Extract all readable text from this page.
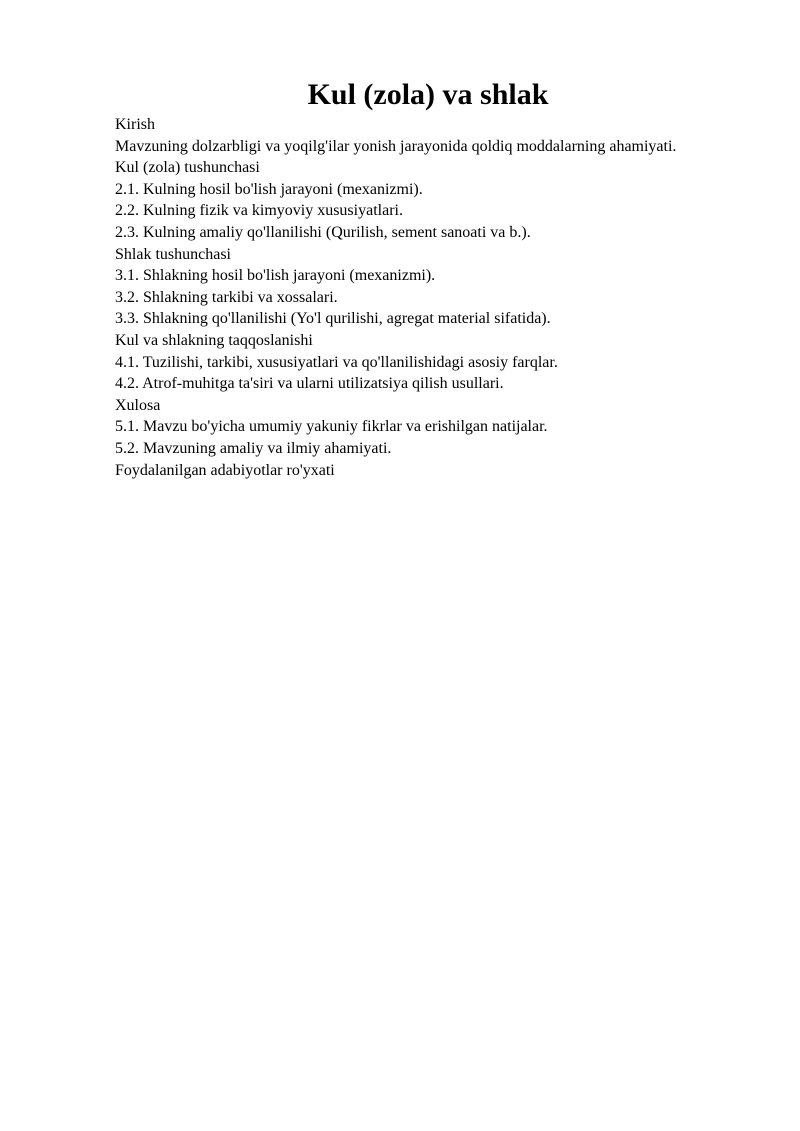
Kul (zola) va shlak
Kirish
Mavzuning dolzarbligi va yoqilg'ilar yonish jarayonida qoldiq moddalarning ahamiyati.
Kul (zola) tushunchasi
2.1. Kulning hosil bo'lish jarayoni (mexanizmi).
2.2. Kulning fizik va kimyoviy xususiyatlari.
2.3. Kulning amaliy qo'llanilishi (Qurilish, sement sanoati va b.).
Shlak tushunchasi
3.1. Shlakning hosil bo'lish jarayoni (mexanizmi).
3.2. Shlakning tarkibi va xossalari.
3.3. Shlakning qo'llanilishi (Yo'l qurilishi, agregat material sifatida).
Kul va shlakning taqqoslanishi
4.1. Tuzilishi, tarkibi, xususiyatlari va qo'llanilishidagi asosiy farqlar.
4.2. Atrof-muhitga ta'siri va ularni utilizatsiya qilish usullari.
Xulosa
5.1. Mavzu bo'yicha umumiy yakuniy fikrlar va erishilgan natijalar.
5.2. Mavzuning amaliy va ilmiy ahamiyati.
Foydalanilgan adabiyotlar ro'yxati
